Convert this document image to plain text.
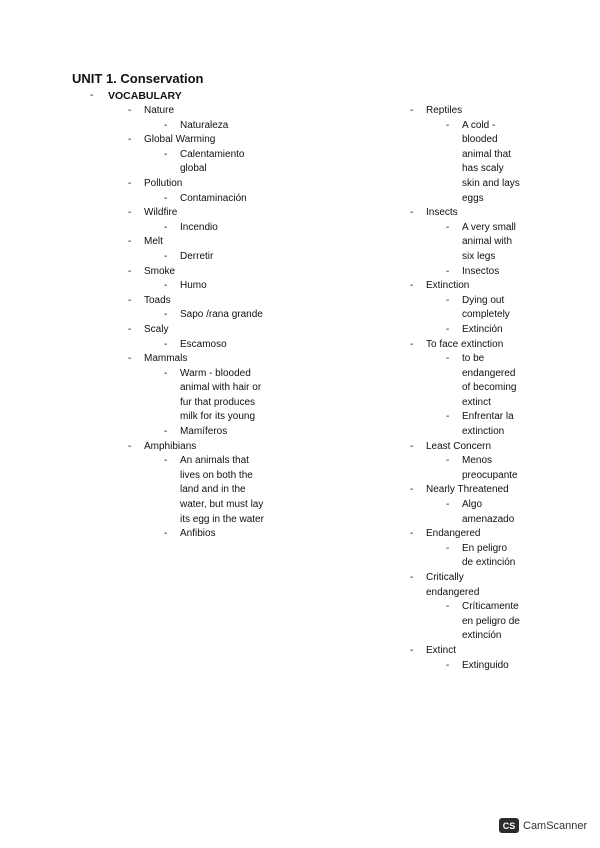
UNIT 1. Conservation
- VOCABULARY
- Nature
- Naturaleza
- Global Warming
- Calentamiento
global
- Pollution
- Contaminación
- Wildfire
- Incendio
- Melt
- Derretir
- Smoke
- Humo
- Toads
- Sapo /rana grande
- Scaly
- Escamoso
- Mammals
- Warm - blooded
animal with hair or
fur that produces
milk for its young
- Mamíferos
- Amphibians
- An animals that
lives on both the
land and in the
water, but must lay
its egg in the water
- Anfibios
- Reptiles
- A cold -
blooded
animal that
has scaly
skin and lays
eggs
- Insects
- A very small
animal with
six legs
- Insectos
- Extinction
- Dying out
completely
- Extinción
- To face extinction
- to be
endangered
of becoming
extinct
- Enfrentar la
extinction
- Least Concern
- Menos
preocupante
- Nearly Threatened
- Algo
amenazado
- Endangered
- En peligro
de extinción
- Critically
endangered
- Críticamente
en peligro de
extinción
- Extinct
- Extinguido
CS CamScanner
